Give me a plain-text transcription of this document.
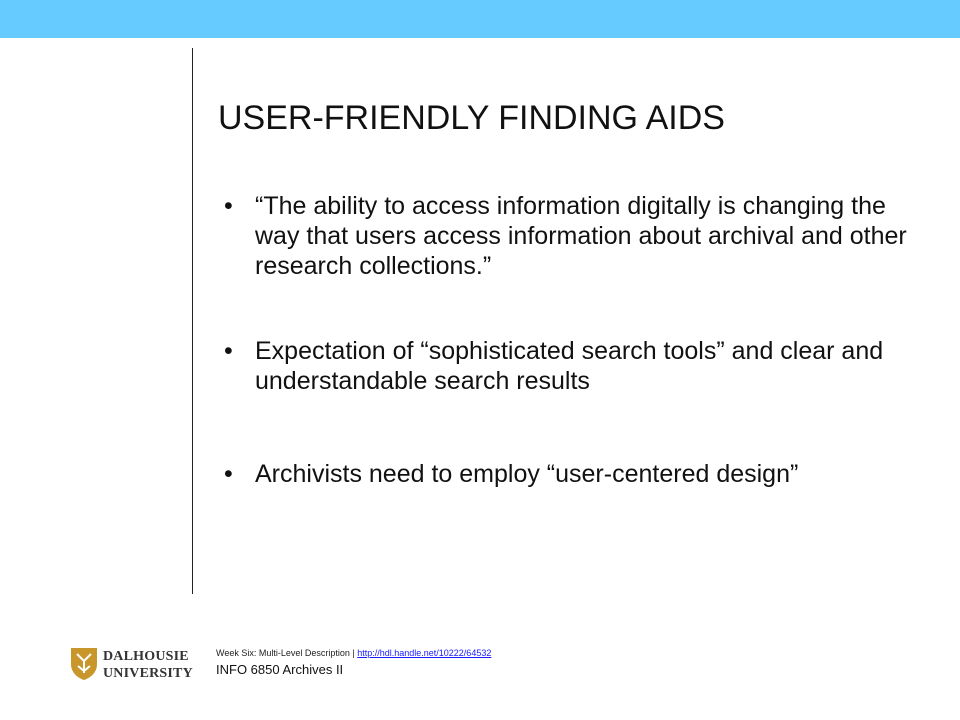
USER-FRIENDLY FINDING AIDS
• “The ability to access information digitally is changing the way that users access information about archival and other research collections.”
• Expectation of “sophisticated search tools” and clear and understandable search results
• Archivists need to employ “user-centered design”
DALHOUSIE
UNIVERSITY
Week Six: Multi-Level Description | http://hdl.handle.net/10222/64532
INFO 6850 Archives II
